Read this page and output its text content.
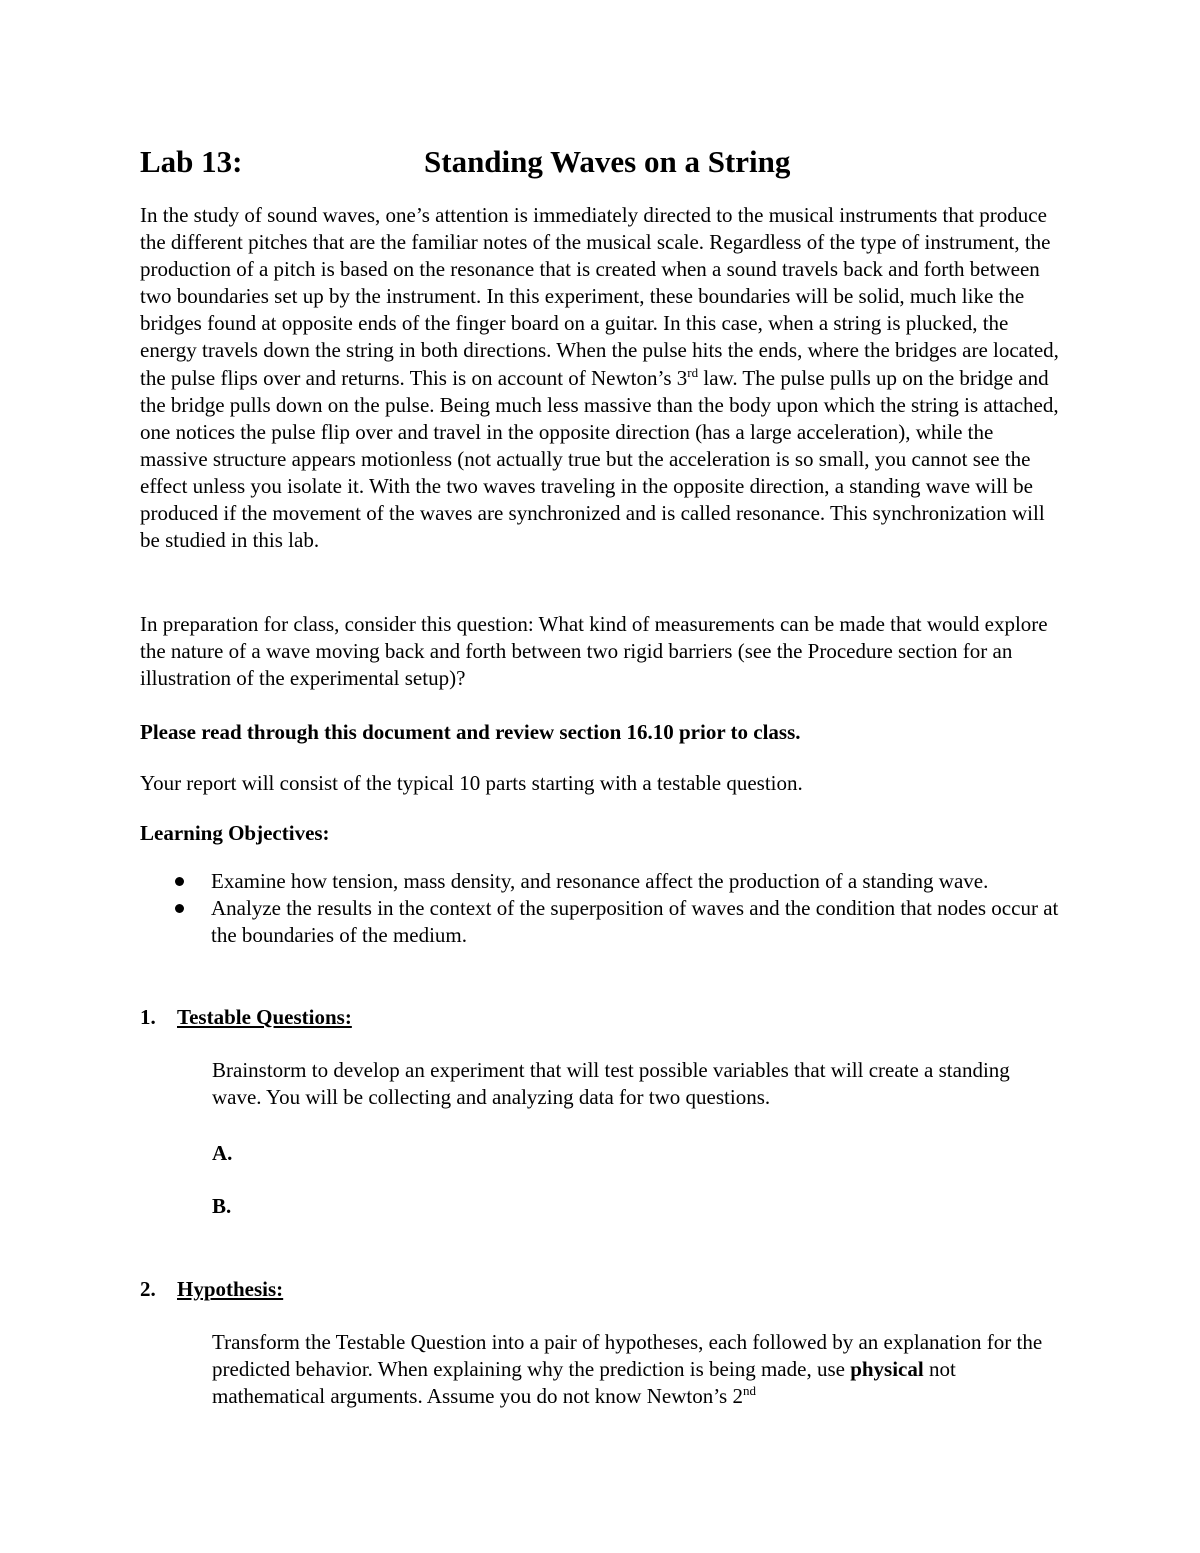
Lab 13:	Standing Waves on a String

In the study of sound waves, one’s attention is immediately directed to the musical instruments that produce the different pitches that are the familiar notes of the musical scale. Regardless of the type of instrument, the production of a pitch is based on the resonance that is created when a sound travels back and forth between two boundaries set up by the instrument. In this experiment, these boundaries will be solid, much like the bridges found at opposite ends of the finger board on a guitar. In this case, when a string is plucked, the energy travels down the string in both directions. When the pulse hits the ends, where the bridges are located, the pulse flips over and returns. This is on account of Newton’s 3rd law. The pulse pulls up on the bridge and the bridge pulls down on the pulse. Being much less massive than the body upon which the string is attached, one notices the pulse flip over and travel in the opposite direction (has a large acceleration), while the massive structure appears motionless (not actually true but the acceleration is so small, you cannot see the effect unless you isolate it. With the two waves traveling in the opposite direction, a standing wave will be produced if the movement of the waves are synchronized and is called resonance. This synchronization will be studied in this lab.

In preparation for class, consider this question: What kind of measurements can be made that would explore the nature of a wave moving back and forth between two rigid barriers (see the Procedure section for an illustration of the experimental setup)?

Please read through this document and review section 16.10 prior to class.

Your report will consist of the typical 10 parts starting with a testable question.

Learning Objectives:

Examine how tension, mass density, and resonance affect the production of a standing wave.
Analyze the results in the context of the superposition of waves and the condition that nodes occur at the boundaries of the medium.
1. Testable Questions:

Brainstorm to develop an experiment that will test possible variables that will create a standing wave. You will be collecting and analyzing data for two questions.

A.
B.
2. Hypothesis:

Transform the Testable Question into a pair of hypotheses, each followed by an explanation for the predicted behavior. When explaining why the prediction is being made, use physical not mathematical arguments. Assume you do not know Newton’s 2nd
